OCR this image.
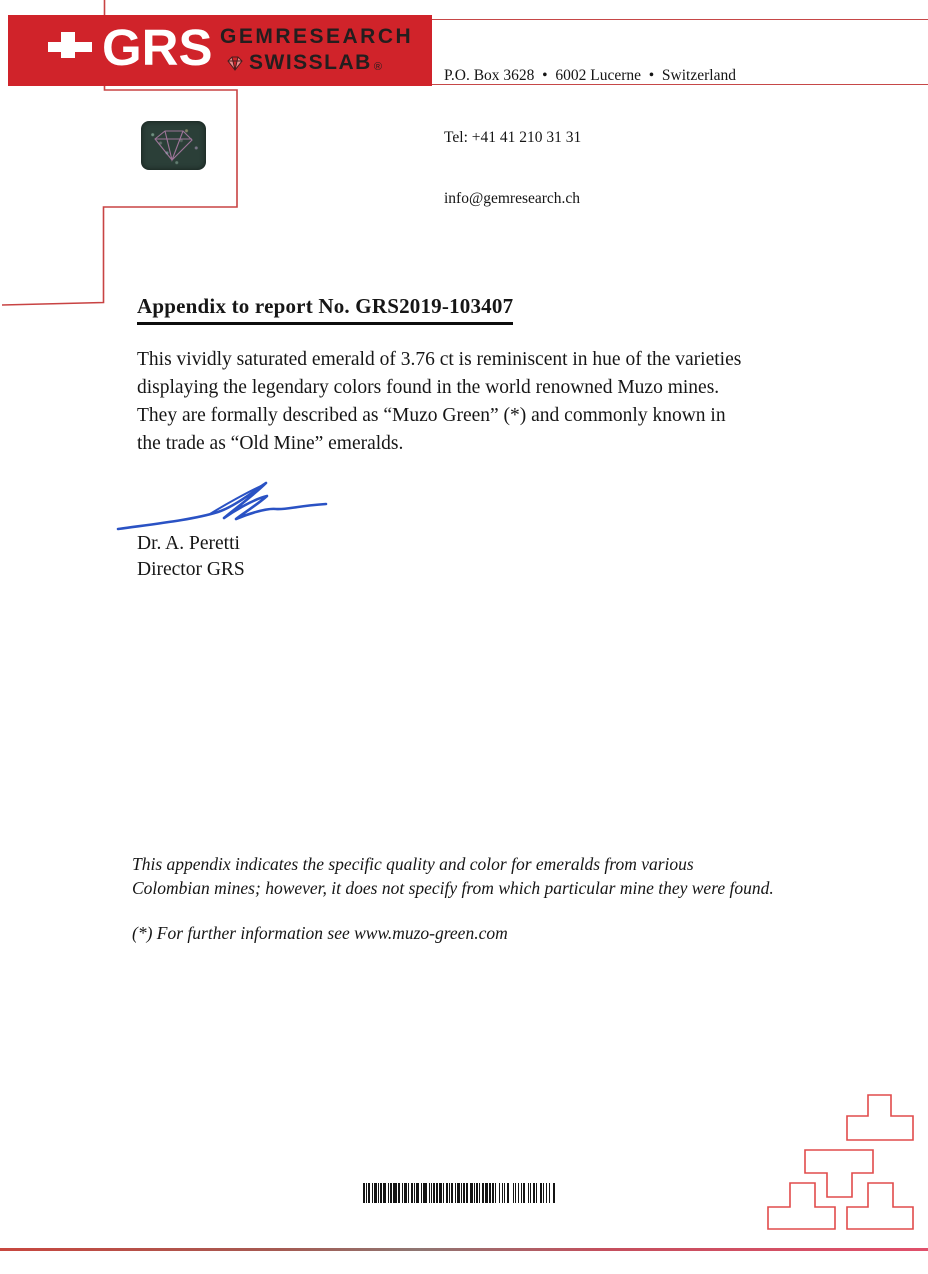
GRS GEMRESEARCH
SWISSLAB ®

	P.O. Box 3628  •  6002 Lucerne  •  Switzerland

Tel: +41 41 210 31 31

info@gemresearch.ch

Appendix to report No. GRS2019-103407
This vividly saturated emerald of 3.76 ct is reminiscent in hue of the varieties
displaying the legendary colors found in the world renowned Muzo mines.
They are formally described as “Muzo Green” (*) and commonly known in
the trade as “Old Mine” emeralds.
Dr. A. Peretti
Director GRS
This appendix indicates the specific quality and color for emeralds from various
Colombian mines; however, it does not specify from which particular mine they were found.
(*) For further information see www.muzo-green.com
